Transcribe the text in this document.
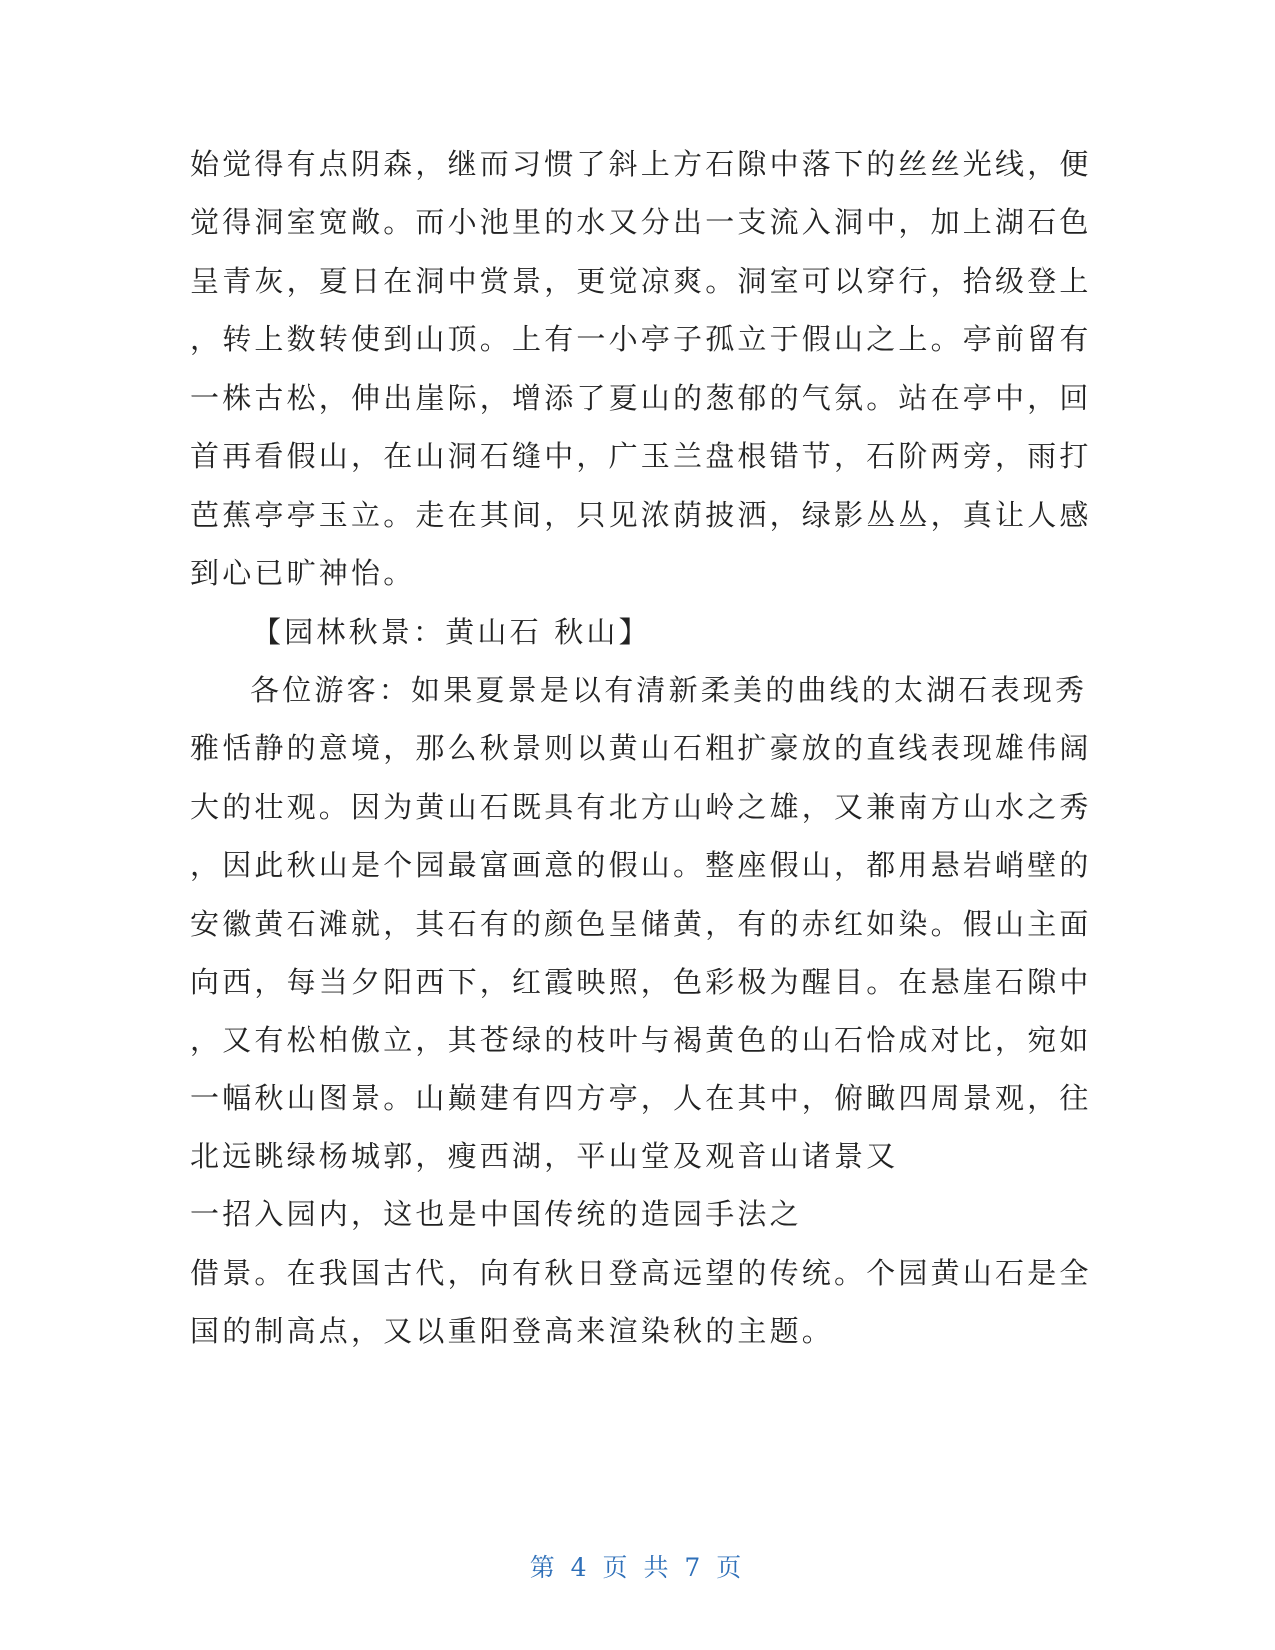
始觉得有点阴森，继而习惯了斜上方石隙中落下的丝丝光线，便
觉得洞室宽敞。而小池里的水又分出一支流入洞中，加上湖石色
呈青灰，夏日在洞中赏景，更觉凉爽。洞室可以穿行，拾级登上
，转上数转使到山顶。上有一小亭子孤立于假山之上。亭前留有
一株古松，伸出崖际，增添了夏山的葱郁的气氛。站在亭中，回
首再看假山，在山洞石缝中，广玉兰盘根错节，石阶两旁，雨打
芭蕉亭亭玉立。走在其间，只见浓荫披洒，绿影丛丛，真让人感
到心已旷神怡。
【园林秋景：黄山石 秋山】
各位游客：如果夏景是以有清新柔美的曲线的太湖石表现秀
雅恬静的意境，那么秋景则以黄山石粗扩豪放的直线表现雄伟阔
大的壮观。因为黄山石既具有北方山岭之雄，又兼南方山水之秀
，因此秋山是个园最富画意的假山。整座假山，都用悬岩峭壁的
安徽黄石滩就，其石有的颜色呈储黄，有的赤红如染。假山主面
向西，每当夕阳西下，红霞映照，色彩极为醒目。在悬崖石隙中
，又有松柏傲立，其苍绿的枝叶与褐黄色的山石恰成对比，宛如
一幅秋山图景。山巅建有四方亭，人在其中，俯瞰四周景观，往
北远眺绿杨城郭，瘦西湖，平山堂及观音山诸景又
一招入园内，这也是中国传统的造园手法之
借景。在我国古代，向有秋日登高远望的传统。个园黄山石是全
国的制高点，又以重阳登高来渲染秋的主题。
第 4 页 共 7 页
